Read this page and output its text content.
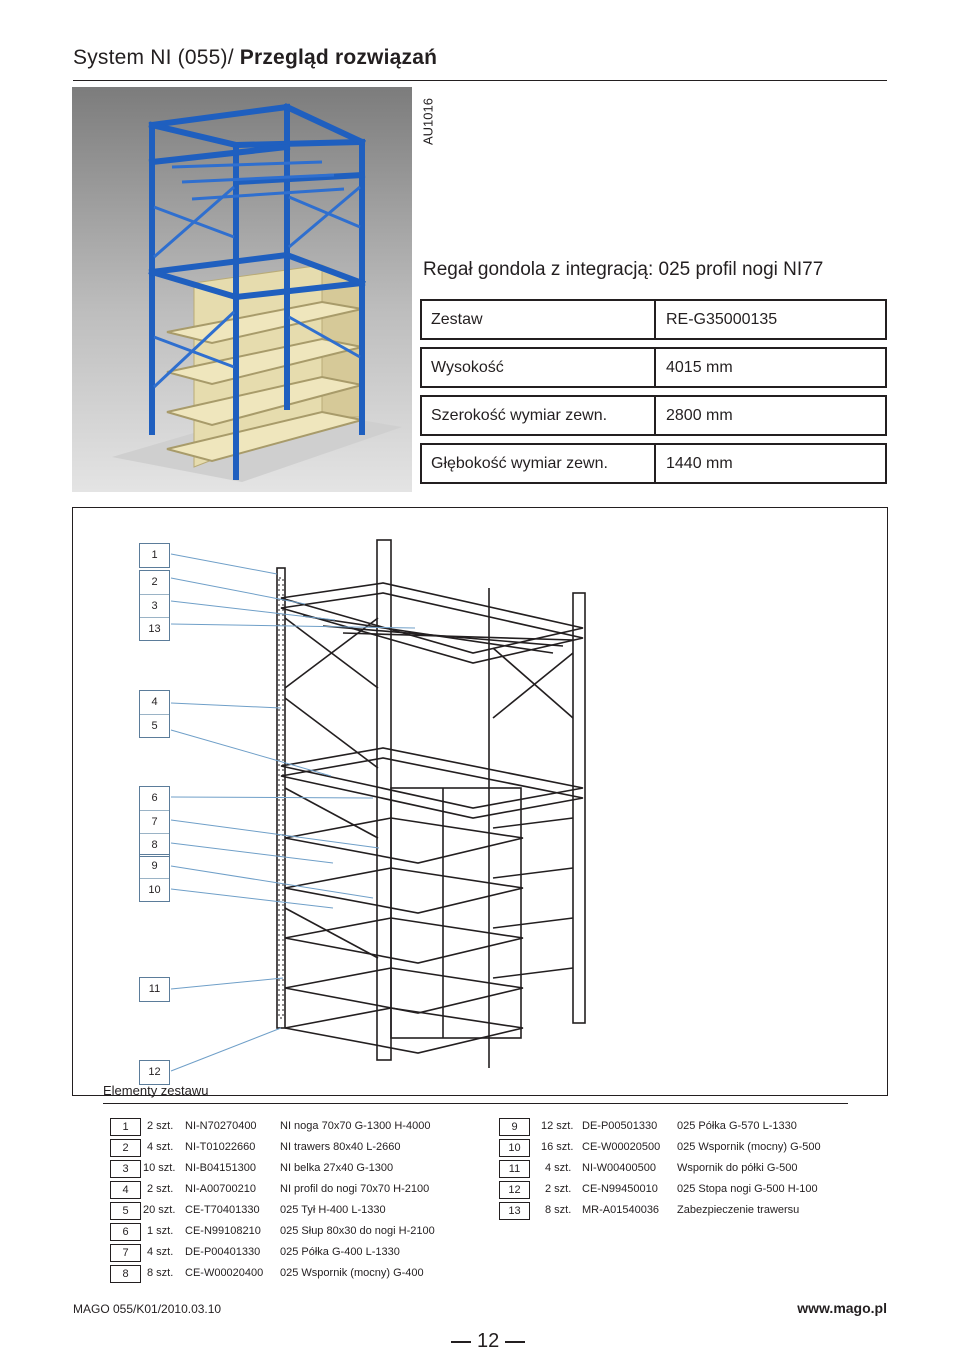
System NI (055)/ Przegląd rozwiązań
AU1016
Regał gondola z integracją: 025 profil nogi NI77
Zestaw	RE-G35000135
Wysokość	4015 mm
Szerokość wymiar zewn.	2800 mm
Głębokość wymiar zewn.	1440 mm
1
2
3
13
4
5
6
7
8
9
10
11
12
Elementy zestawu
1	2 szt. NI-N70270400 NI noga 70x70 G-1300 H-4000
2	4 szt. NI-T01022660 NI trawers 80x40 L-2660
3	10 szt. NI-B04151300 NI belka 27x40 G-1300
4	2 szt. NI-A00700210 NI profil do nogi 70x70 H-2100
5	20 szt. CE-T70401330 025 Tył H-400 L-1330
6	1 szt. CE-N99108210 025 Słup 80x30 do nogi H-2100
7	4 szt. DE-P00401330 025 Półka G-400 L-1330
8	8 szt. CE-W00020400 025 Wspornik (mocny) G-400
9	12 szt. DE-P00501330 025 Półka G-570 L-1330
10	16 szt. CE-W00020500 025 Wspornik (mocny) G-500
11	4 szt. NI-W00400500 Wspornik do półki G-500
12	2 szt. CE-N99450010 025 Stopa nogi G-500 H-100
13	8 szt. MR-A01540036 Zabezpieczenie trawersu
MAGO 055/K01/2010.03.10	www.mago.pl
12
